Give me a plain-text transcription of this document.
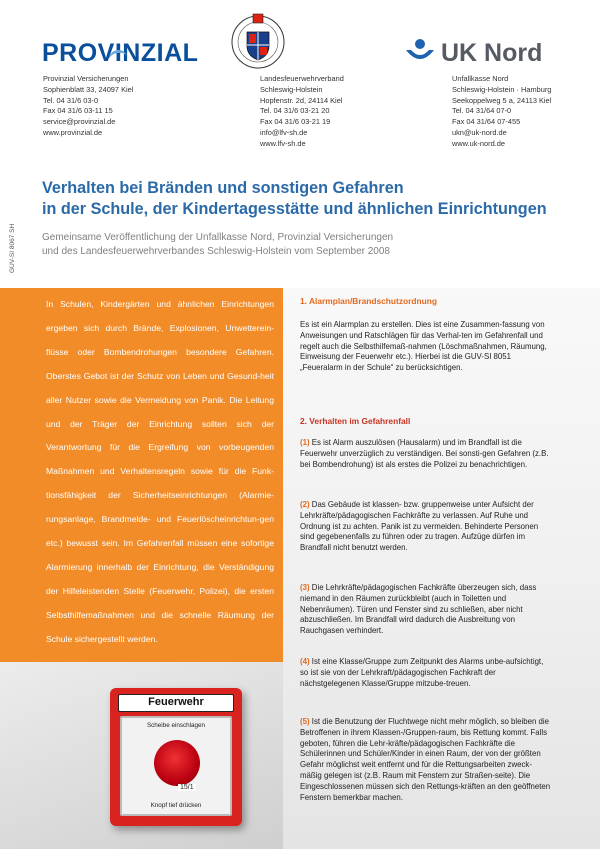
PROVINZIAL	UK Nord
Provinzial Versicherungen
Sophienblatt 33, 24097 Kiel
Tel. 04 31/6 03-0
Fax 04 31/6 03-11 15
service@provinzial.de
www.provinzial.de
Landesfeuerwehrverband
Schleswig-Holstein
Hopfenstr. 2d, 24114 Kiel
Tel. 04 31/6 03-21 20
Fax 04 31/6 03-21 19
info@lfv-sh.de
www.lfv-sh.de
Unfallkasse Nord
Schleswig-Holstein · Hamburg
Seekoppelweg 5 a, 24113 Kiel
Tel. 04 31/64 07-0
Fax 04 31/64 07-455
ukn@uk-nord.de
www.uk-nord.de
Verhalten bei Bränden und sonstigen Gefahren
in der Schule, der Kindertagesstätte und ähnlichen Einrichtungen
Gemeinsame Veröffentlichung der Unfallkasse Nord, Provinzial Versicherungen
und des Landesfeuerwehrverbandes Schleswig-Holstein vom September 2008
GUV-SI 8067 SH
In Schulen, Kindergärten und ähnlichen Einrichtungen ergeben sich durch Brände, Explosionen, Unwetterein-flüsse oder Bombendrohungen besondere Gefahren. Oberstes Gebot ist der Schutz von Leben und Gesund-heit aller Nutzer sowie die Vermeidung von Panik. Die Leitung und der Träger der Einrichtung sollten sich der Verantwortung für die Ergreifung von vorbeugenden Maßnahmen und Verhaltensregeln sowie für die Funk-tionsfähigkeit der Sicherheitseinrichtungen (Alarmie-rungsanlage, Brandmelde- und Feuerlöscheinrichtun-gen etc.) bewusst sein. Im Gefahrenfall müssen eine sofortige Alarmierung innerhalb der Einrichtung, die Verständigung der Hilfeleistenden Stelle (Feuerwehr, Polizei), die ersten Selbsthilfemaßnahmen und die schnelle Räumung der Schule sichergestellt werden.
Feuerwehr
Scheibe einschlagen
15/1
Knopf tief drücken
1. Alarmplan/Brandschutzordnung
Es ist ein Alarmplan zu erstellen. Dies ist eine Zusammen-fassung von Anweisungen und Ratschlägen für das Verhal-ten im Gefahrenfall und regelt auch die Selbsthilfemaß-nahmen (Löschmaßnahmen, Räumung, Einweisung der Feuerwehr etc.). Hierbei ist die GUV-SI 8051 „Feueralarm in der Schule“ zu berücksichtigen.
2. Verhalten im Gefahrenfall
(1) Es ist Alarm auszulösen (Hausalarm) und im Brandfall ist die Feuerwehr unverzüglich zu verständigen. Bei sonsti-gen Gefahren (z.B. bei Bombendrohung) ist als erstes die Polizei zu benachrichtigen.
(2) Das Gebäude ist klassen- bzw. gruppenweise unter Aufsicht der Lehrkräfte/pädagogischen Fachkräfte zu verlassen. Auf Ruhe und Ordnung ist zu achten. Panik ist zu vermeiden. Behinderte Personen sind gegebenenfalls zu führen oder zu tragen. Aufzüge dürfen im Brandfall nicht benutzt werden.
(3) Die Lehrkräfte/pädagogischen Fachkräfte überzeugen sich, dass niemand in den Räumen zurückbleibt (auch in Toiletten und Nebenräumen). Türen und Fenster sind zu schließen, aber nicht abzuschließen. Im Brandfall wird dadurch die Ausbreitung von Rauchgasen verhindert.
(4) Ist eine Klasse/Gruppe zum Zeitpunkt des Alarms unbe-aufsichtigt, so ist sie von der Lehrkraft/pädagogischen Fachkraft der nächstgelegenen Klasse/Gruppe mitzube-treuen.
(5) Ist die Benutzung der Fluchtwege nicht mehr möglich, so bleiben die Betroffenen in ihrem Klassen-/Gruppen-raum, bis Rettung kommt. Falls geboten, führen die Lehr-kräfte/pädagogischen Fachkräfte die Schülerinnen und Schüler/Kinder in einen Raum, der von der größten Gefahr möglichst weit entfernt und für die Rettungsarbeiten zweck-mäßig gelegen ist (z.B. Raum mit Fenstern zur Straßen-seite). Die Eingeschlossenen müssen sich den Rettungs-kräften an den geöffneten Fenstern bemerkbar machen.
